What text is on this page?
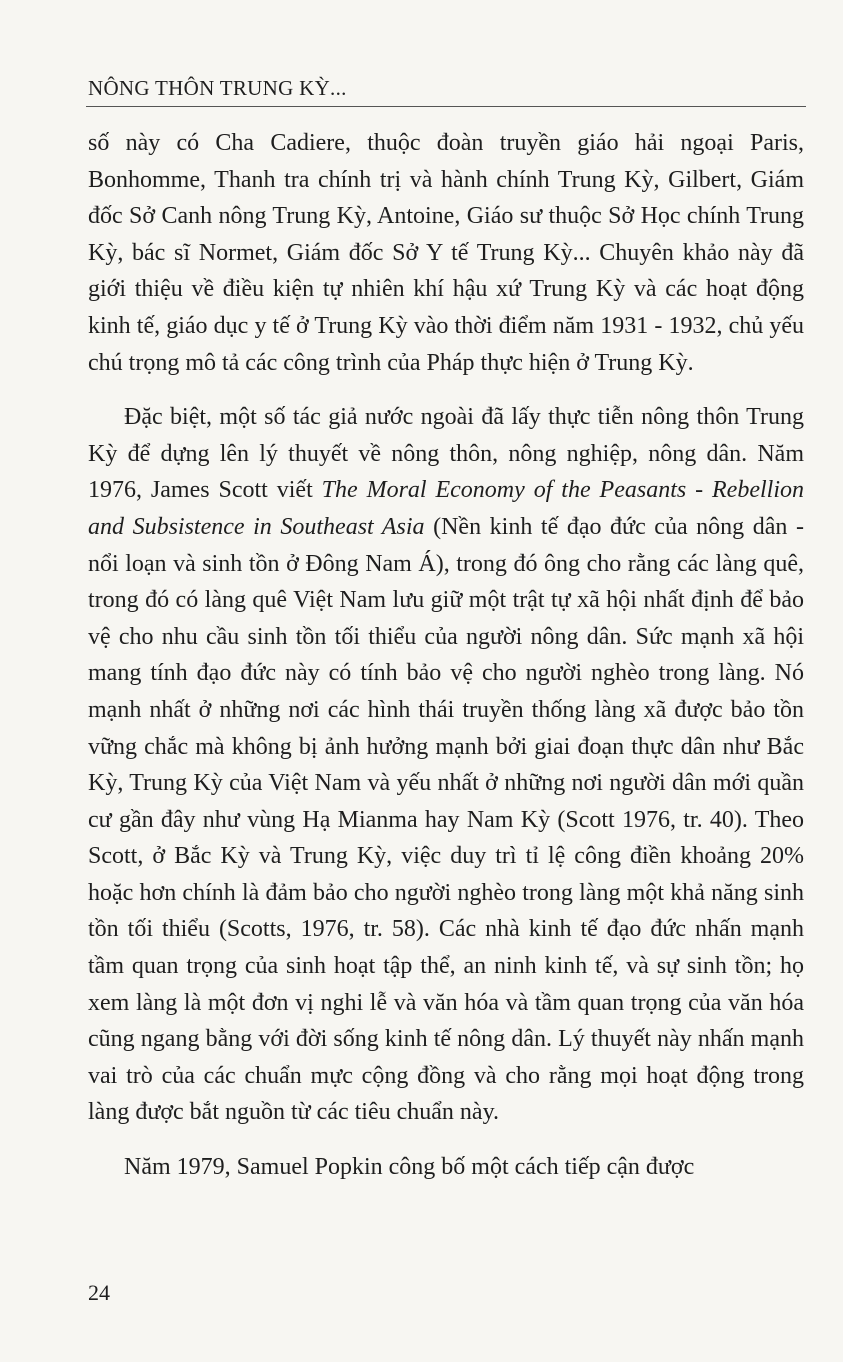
NÔNG THÔN TRUNG KỲ...

số này có Cha Cadiere, thuộc đoàn truyền giáo hải ngoại Paris, Bonhomme, Thanh tra chính trị và hành chính Trung Kỳ, Gilbert, Giám đốc Sở Canh nông Trung Kỳ, Antoine, Giáo sư thuộc Sở Học chính Trung Kỳ, bác sĩ Normet, Giám đốc Sở Y tế Trung Kỳ... Chuyên khảo này đã giới thiệu về điều kiện tự nhiên khí hậu xứ Trung Kỳ và các hoạt động kinh tế, giáo dục y tế ở Trung Kỳ vào thời điểm năm 1931 - 1932, chủ yếu chú trọng mô tả các công trình của Pháp thực hiện ở Trung Kỳ.

Đặc biệt, một số tác giả nước ngoài đã lấy thực tiễn nông thôn Trung Kỳ để dựng lên lý thuyết về nông thôn, nông nghiệp, nông dân. Năm 1976, James Scott viết The Moral Economy of the Peasants - Rebellion and Subsistence in Southeast Asia (Nền kinh tế đạo đức của nông dân - nổi loạn và sinh tồn ở Đông Nam Á), trong đó ông cho rằng các làng quê, trong đó có làng quê Việt Nam lưu giữ một trật tự xã hội nhất định để bảo vệ cho nhu cầu sinh tồn tối thiểu của người nông dân. Sức mạnh xã hội mang tính đạo đức này có tính bảo vệ cho người nghèo trong làng. Nó mạnh nhất ở những nơi các hình thái truyền thống làng xã được bảo tồn vững chắc mà không bị ảnh hưởng mạnh bởi giai đoạn thực dân như Bắc Kỳ, Trung Kỳ của Việt Nam và yếu nhất ở những nơi người dân mới quần cư gần đây như vùng Hạ Mianma hay Nam Kỳ (Scott 1976, tr. 40). Theo Scott, ở Bắc Kỳ và Trung Kỳ, việc duy trì tỉ lệ công điền khoảng 20% hoặc hơn chính là đảm bảo cho người nghèo trong làng một khả năng sinh tồn tối thiểu (Scotts, 1976, tr. 58). Các nhà kinh tế đạo đức nhấn mạnh tầm quan trọng của sinh hoạt tập thể, an ninh kinh tế, và sự sinh tồn; họ xem làng là một đơn vị nghi lễ và văn hóa và tầm quan trọng của văn hóa cũng ngang bằng với đời sống kinh tế nông dân. Lý thuyết này nhấn mạnh vai trò của các chuẩn mực cộng đồng và cho rằng mọi hoạt động trong làng được bắt nguồn từ các tiêu chuẩn này.

Năm 1979, Samuel Popkin công bố một cách tiếp cận được

24
